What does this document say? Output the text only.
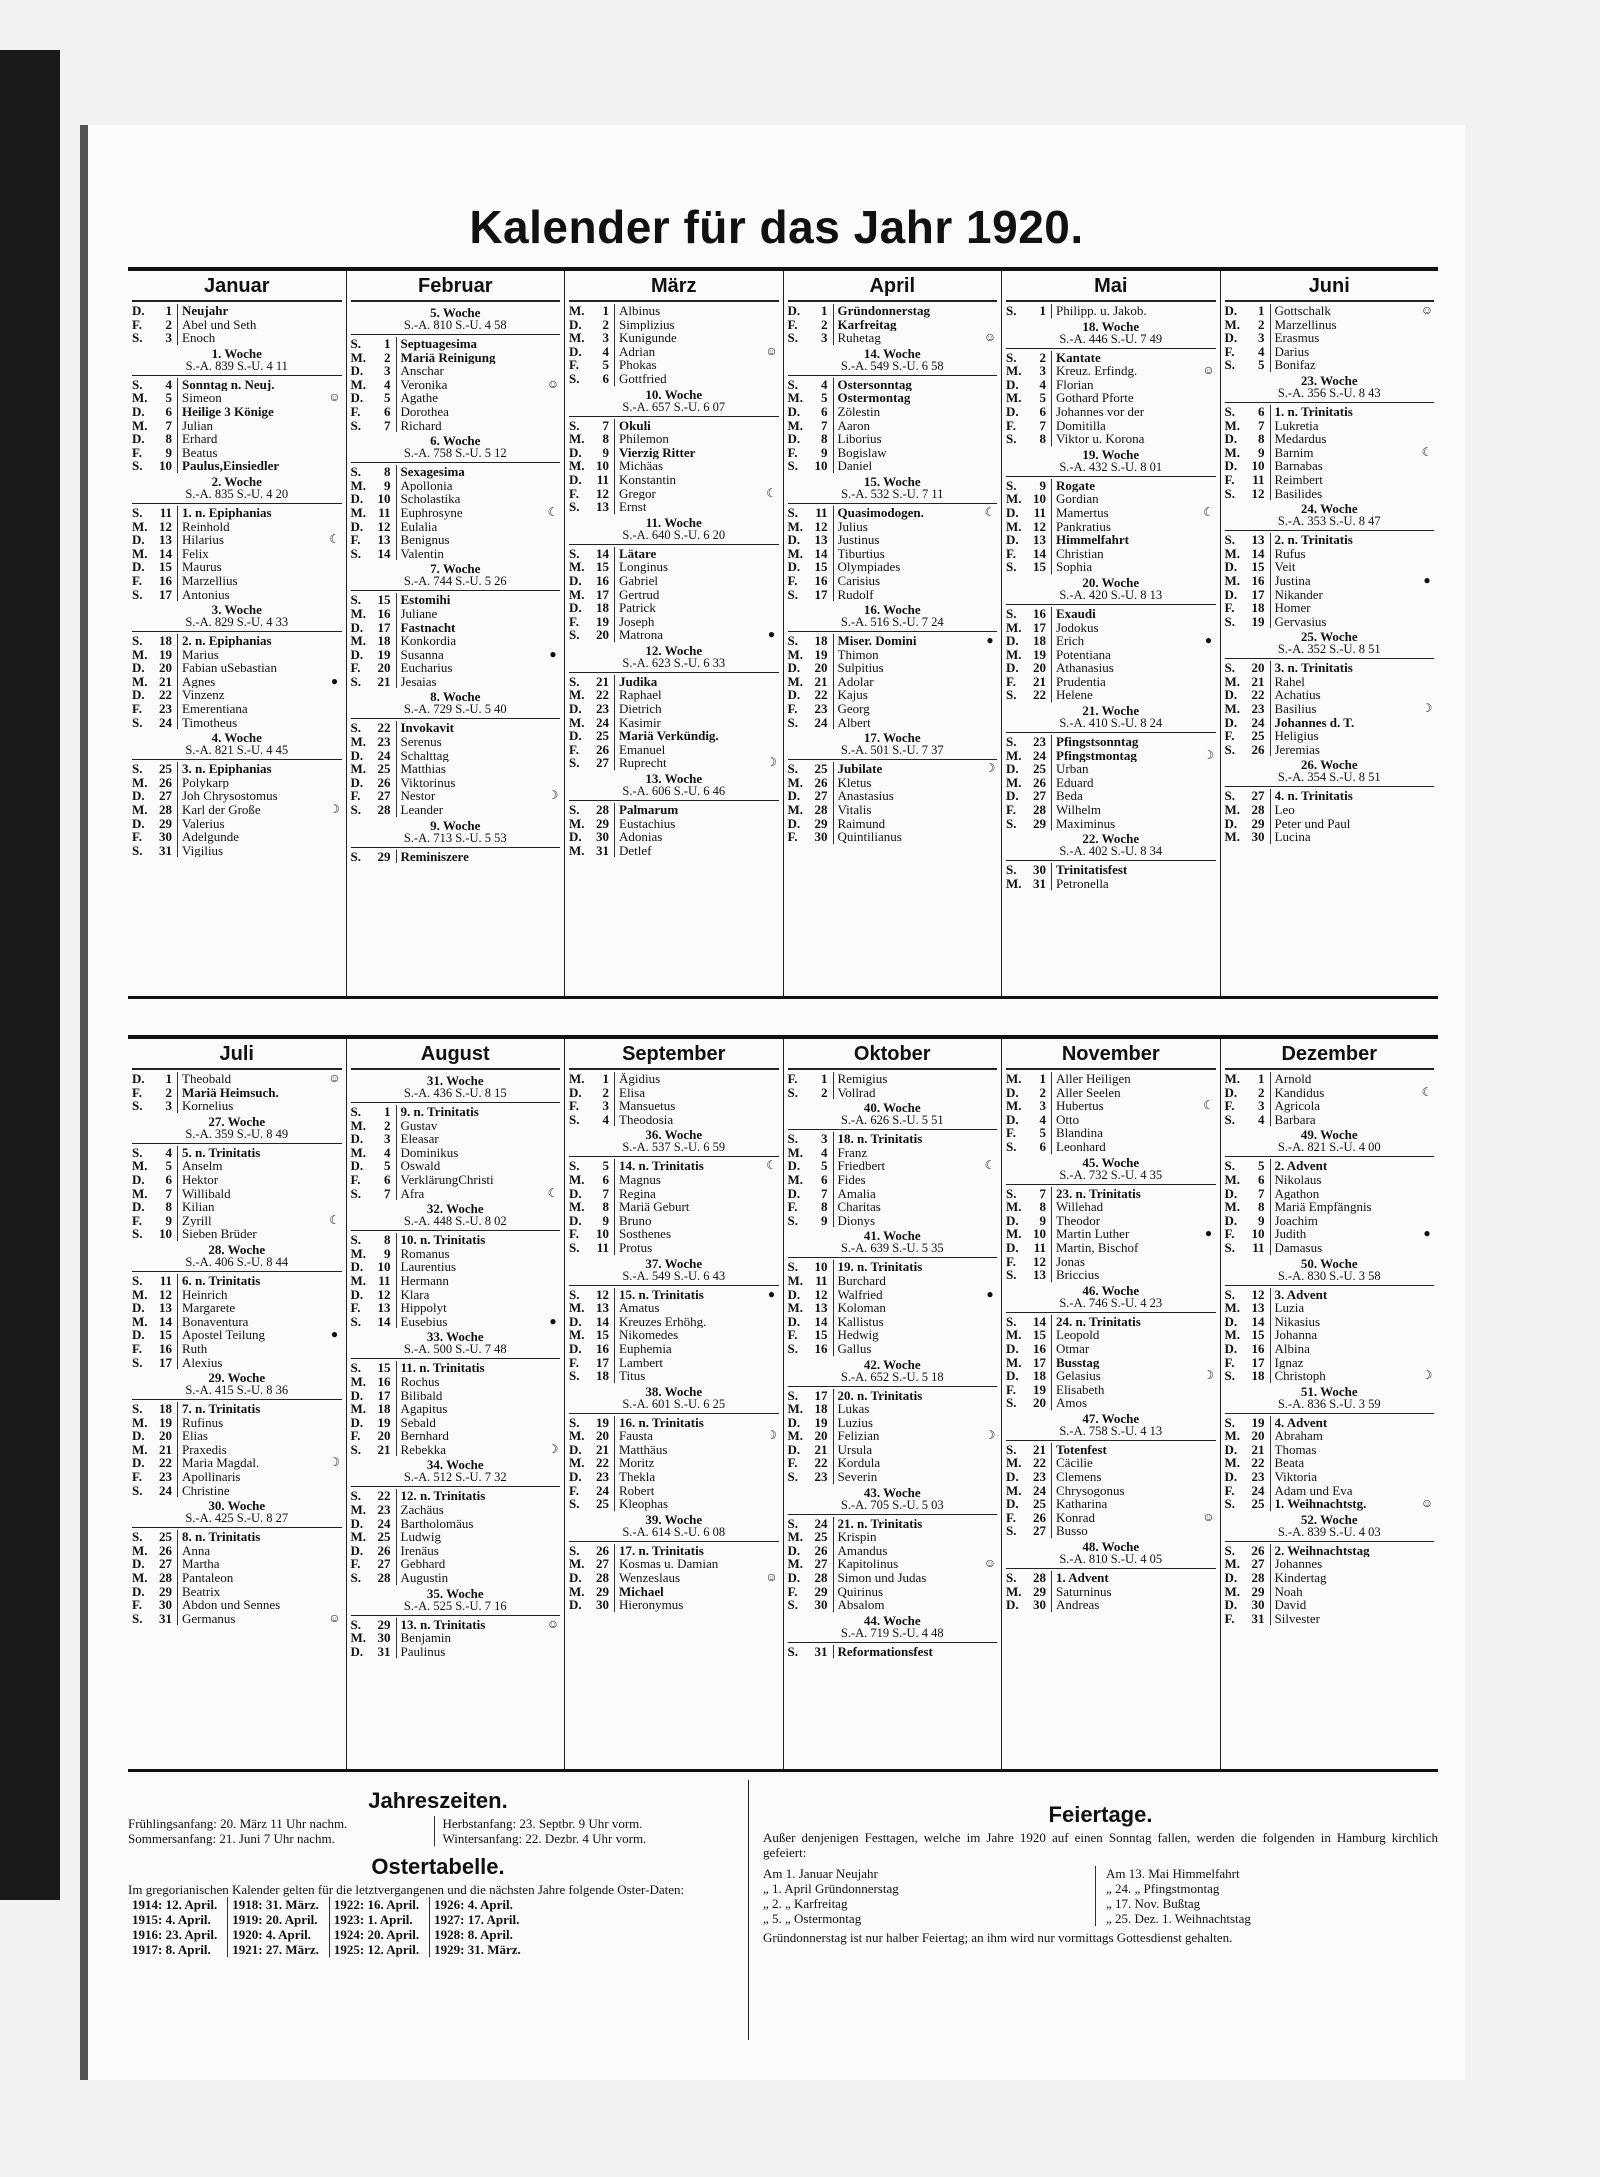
Kalender für das Jahr 1920.
Januar
D.	1 Neujahr
F.	2 Abel und Seth
S.	3 Enoch
1. Woche
S.-A. 839 S.-U. 4 11
S.	4 Sonntag n. Neuj.
M.	5 Simeon	☺
D.	6 Heilige 3 Könige
M.	7 Julian
D.	8 Erhard
F.	9 Beatus
S.	10 Paulus,Einsiedler
2. Woche
S.-A. 835 S.-U. 4 20
S.	11 1. n. Epiphanias
M. 12 Reinhold
D.	13 Hilarius	☾
M. 14 Felix
D.	15 Maurus
F.	16 Marzellius
S.	17 Antonius
3. Woche
S.-A. 829 S.-U. 4 33
S.	18 2. n. Epiphanias
M. 19 Marius
D.	20 Fabian uSebastian
M. 21 Agnes	●
D.	22 Vinzenz
F.	23 Emerentiana
S.	24 Timotheus
4. Woche
S.-A. 821 S.-U. 4 45
S.	25 3. n. Epiphanias
M. 26 Polykarp
D.	27 Joh Chrysostomus
M. 28 Karl der Große	☽
D.	29 Valerius
F.	30 Adelgunde
S.	31 Vigilius
Februar
5. Woche
S.-A. 810 S.-U. 4 58
S.	1 Septuagesima
M.	2 Mariä Reinigung
D.	3 Anschar
M.	4 Veronika	☺
D.	5 Agathe
F.	6 Dorothea
S.	7 Richard
6. Woche
S.-A. 758 S.-U. 5 12
S.	8 Sexagesima
M.	9 Apollonia
D.	10 Scholastika
M. 11 Euphrosyne	☾
D.	12 Eulalia
F.	13 Benignus
S.	14 Valentin
7. Woche
S.-A. 744 S.-U. 5 26
S.	15 Estomihi
M. 16 Juliane
D.	17 Fastnacht
M. 18 Konkordia
D.	19 Susanna	●
F.	20 Eucharius
S.	21 Jesaias
8. Woche
S.-A. 729 S.-U. 5 40
S.	22 Invokavit
M. 23 Serenus
D.	24 Schalttag
M. 25 Matthias
D.	26 Viktorinus
F.	27 Nestor	☽
S.	28 Leander
9. Woche
S.-A. 713 S.-U. 5 53
S.	29 Reminiszere
März
M.	1 Albinus
D.	2 Simplizius
M.	3 Kunigunde
D.	4 Adrian	☺
F.	5 Phokas
S.	6 Gottfried
10. Woche
S.-A. 657 S.-U. 6 07
S.	7 Okuli
M.	8 Philemon
D.	9 Vierzig Ritter
M. 10 Michäas
D.	11 Konstantin
F.	12 Gregor	☾
S.	13 Ernst
11. Woche
S.-A. 640 S.-U. 6 20
S.	14 Lätare
M. 15 Longinus
D.	16 Gabriel
M. 17 Gertrud
D.	18 Patrick
F.	19 Joseph
S.	20 Matrona	●
12. Woche
S.-A. 623 S.-U. 6 33
S.	21 Judika
M. 22 Raphael
D.	23 Dietrich
M. 24 Kasimir
D.	25 Mariä Verkündig.
F.	26 Emanuel
S.	27 Ruprecht	☽
13. Woche
S.-A. 606 S.-U. 6 46
S.	28 Palmarum
M. 29 Eustachius
D.	30 Adonias
M. 31 Detlef
April
D.	1 Gründonnerstag
F.	2 Karfreitag
S.	3 Ruhetag	☺
14. Woche
S.-A. 549 S.-U. 6 58
S.	4 Ostersonntag
M.	5 Ostermontag
D.	6 Zölestin
M.	7 Aaron
D.	8 Liborius
F.	9 Bogislaw
S.	10 Daniel
15. Woche
S.-A. 532 S.-U. 7 11
S.	11 Quasimodogen.	☾
M. 12 Julius
D.	13 Justinus
M. 14 Tiburtius
D.	15 Olympiades
F.	16 Carisius
S.	17 Rudolf
16. Woche
S.-A. 516 S.-U. 7 24
S.	18 Miser. Domini	●
M. 19 Thimon
D.	20 Sulpitius
M. 21 Adolar
D.	22 Kajus
F.	23 Georg
S.	24 Albert
17. Woche
S.-A. 501 S.-U. 7 37
S.	25 Jubilate	☽
M. 26 Kletus
D.	27 Anastasius
M. 28 Vitalis
D.	29 Raimund
F.	30 Quintilianus
Mai
S.	1 Philipp. u. Jakob.
18. Woche
S.-A. 446 S.-U. 7 49
S.	2 Kantate
M.	3 Kreuz. Erfindg.	☺
D.	4 Florian
M.	5 Gothard Pforte
D.	6 Johannes vor der
F.	7 Domitilla
S.	8 Viktor u. Korona
19. Woche
S.-A. 432 S.-U. 8 01
S.	9 Rogate
M. 10 Gordian
D.	11 Mamertus	☾
M. 12 Pankratius
D.	13 Himmelfahrt
F.	14 Christian
S.	15 Sophia
20. Woche
S.-A. 420 S.-U. 8 13
S.	16 Exaudi
M. 17 Jodokus
D.	18 Erich	●
M. 19 Potentiana
D.	20 Athanasius
F.	21 Prudentia
S.	22 Helene
21. Woche
S.-A. 410 S.-U. 8 24
S.	23 Pfingstsonntag
M. 24 Pfingstmontag	☽
D.	25 Urban
M. 26 Eduard
D.	27 Beda
F.	28 Wilhelm
S.	29 Maximinus
22. Woche
S.-A. 402 S.-U. 8 34
S.	30 Trinitatisfest
M. 31 Petronella
Juni
D.	1 Gottschalk	☺
M.	2 Marzellinus
D.	3 Erasmus
F.	4 Darius
S.	5 Bonifaz
23. Woche
S.-A. 356 S.-U. 8 43
S.	6 1. n. Trinitatis
M.	7 Lukretia
D.	8 Medardus
M.	9 Barnim	☾
D.	10 Barnabas
F.	11 Reimbert
S.	12 Basilides
24. Woche
S.-A. 353 S.-U. 8 47
S.	13 2. n. Trinitatis
M. 14 Rufus
D.	15 Veit
M. 16 Justina	●
D.	17 Nikander
F.	18 Homer
S.	19 Gervasius
25. Woche
S.-A. 352 S.-U. 8 51
S.	20 3. n. Trinitatis
M. 21 Rahel
D.	22 Achatius
M. 23 Basilius	☽
D.	24 Johannes d. T.
F.	25 Heligius
S.	26 Jeremias
26. Woche
S.-A. 354 S.-U. 8 51
S.	27 4. n. Trinitatis
M. 28 Leo
D.	29 Peter und Paul
M. 30 Lucina
Juli
D.	1 Theobald	☺
F.	2 Mariä Heimsuch.
S.	3 Kornelius
27. Woche
S.-A. 359 S.-U. 8 49
S.	4 5. n. Trinitatis
M.	5 Anselm
D.	6 Hektor
M.	7 Willibald
D.	8 Kilian
F.	9 Zyrill	☾
S.	10 Sieben Brüder
28. Woche
S.-A. 406 S.-U. 8 44
S.	11 6. n. Trinitatis
M. 12 Heinrich
D.	13 Margarete
M. 14 Bonaventura
D.	15 Apostel Teilung	●
F.	16 Ruth
S.	17 Alexius
29. Woche
S.-A. 415 S.-U. 8 36
S.	18 7. n. Trinitatis
M. 19 Rufinus
D.	20 Elias
M. 21 Praxedis
D.	22 Maria Magdal.	☽
F.	23 Apollinaris
S.	24 Christine
30. Woche
S.-A. 425 S.-U. 8 27
S.	25 8. n. Trinitatis
M. 26 Anna
D.	27 Martha
M. 28 Pantaleon
D.	29 Beatrix
F.	30 Abdon und Sennes
S.	31 Germanus	☺
August
31. Woche
S.-A. 436 S.-U. 8 15
S.	1 9. n. Trinitatis
M.	2 Gustav
D.	3 Eleasar
M.	4 Dominikus
D.	5 Oswald
F.	6 VerklärungChristi
S.	7 Afra	☾
32. Woche
S.-A. 448 S.-U. 8 02
S.	8 10. n. Trinitatis
M.	9 Romanus
D.	10 Laurentius
M. 11 Hermann
D.	12 Klara
F.	13 Hippolyt
S.	14 Eusebius	●
33. Woche
S.-A. 500 S.-U. 7 48
S.	15 11. n. Trinitatis
M. 16 Rochus
D.	17 Bilibald
M. 18 Agapitus
D.	19 Sebald
F.	20 Bernhard
S.	21 Rebekka	☽
34. Woche
S.-A. 512 S.-U. 7 32
S.	22 12. n. Trinitatis
M. 23 Zachäus
D.	24 Bartholomäus
M. 25 Ludwig
D.	26 Irenäus
F.	27 Gebhard
S.	28 Augustin
35. Woche
S.-A. 525 S.-U. 7 16
S.	29 13. n. Trinitatis	☺
M. 30 Benjamin
D.	31 Paulinus
September
M.	1 Ägidius
D.	2 Elisa
F.	3 Mansuetus
S.	4 Theodosia
36. Woche
S.-A. 537 S.-U. 6 59
S.	5 14. n. Trinitatis	☾
M.	6 Magnus
D.	7 Regina
M.	8 Mariä Geburt
D.	9 Bruno
F.	10 Sosthenes
S.	11 Protus
37. Woche
S.-A. 549 S.-U. 6 43
S.	12 15. n. Trinitatis	●
M. 13 Amatus
D.	14 Kreuzes Erhöhg.
M. 15 Nikomedes
D.	16 Euphemia
F.	17 Lambert
S.	18 Titus
38. Woche
S.-A. 601 S.-U. 6 25
S.	19 16. n. Trinitatis
M. 20 Fausta	☽
D.	21 Matthäus
M. 22 Moritz
D.	23 Thekla
F.	24 Robert
S.	25 Kleophas
39. Woche
S.-A. 614 S.-U. 6 08
S.	26 17. n. Trinitatis
M. 27 Kosmas u. Damian
D.	28 Wenzeslaus	☺
M. 29 Michael
D.	30 Hieronymus
Oktober
F.	1 Remigius
S.	2 Vollrad
40. Woche
S.-A. 626 S.-U. 5 51
S.	3 18. n. Trinitatis
M.	4 Franz
D.	5 Friedbert	☾
M.	6 Fides
D.	7 Amalia
F.	8 Charitas
S.	9 Dionys
41. Woche
S.-A. 639 S.-U. 5 35
S.	10 19. n. Trinitatis
M. 11 Burchard
D.	12 Walfried	●
M. 13 Koloman
D.	14 Kallistus
F.	15 Hedwig
S.	16 Gallus
42. Woche
S.-A. 652 S.-U. 5 18
S.	17 20. n. Trinitatis
M. 18 Lukas
D.	19 Luzius
M. 20 Felizian	☽
D.	21 Ursula
F.	22 Kordula
S.	23 Severin
43. Woche
S.-A. 705 S.-U. 5 03
S.	24 21. n. Trinitatis
M. 25 Krispin
D.	26 Amandus
M. 27 Kapitolinus	☺
D.	28 Simon und Judas
F.	29 Quirinus
S.	30 Absalom
44. Woche
S.-A. 719 S.-U. 4 48
S.	31 Reformationsfest
November
M.	1 Aller Heiligen
D.	2 Aller Seelen
M.	3 Hubertus	☾
D.	4 Otto
F.	5 Blandina
S.	6 Leonhard
45. Woche
S.-A. 732 S.-U. 4 35
S.	7 23. n. Trinitatis
M.	8 Willehad
D.	9 Theodor
M. 10 Martin Luther	●
D.	11 Martin, Bischof
F.	12 Jonas
S.	13 Briccius
46. Woche
S.-A. 746 S.-U. 4 23
S.	14 24. n. Trinitatis
M. 15 Leopold
D.	16 Otmar
M. 17 Busstag
D.	18 Gelasius	☽
F.	19 Elisabeth
S.	20 Amos
47. Woche
S.-A. 758 S.-U. 4 13
S.	21 Totenfest
M. 22 Cäcilie
D.	23 Clemens
M. 24 Chrysogonus
D.	25 Katharina
F.	26 Konrad	☺
S.	27 Busso
48. Woche
S.-A. 810 S.-U. 4 05
S.	28 1. Advent
M. 29 Saturninus
D.	30 Andreas
Dezember
M.	1 Arnold
D.	2 Kandidus	☾
F.	3 Agricola
S.	4 Barbara
49. Woche
S.-A. 821 S.-U. 4 00
S.	5 2. Advent
M.	6 Nikolaus
D.	7 Agathon
M.	8 Mariä Empfängnis
D.	9 Joachim
F.	10 Judith	●
S.	11 Damasus
50. Woche
S.-A. 830 S.-U. 3 58
S.	12 3. Advent
M. 13 Luzia
D.	14 Nikasius
M. 15 Johanna
D.	16 Albina
F.	17 Ignaz
S.	18 Christoph	☽
51. Woche
S.-A. 836 S.-U. 3 59
S.	19 4. Advent
M. 20 Abraham
D.	21 Thomas
M. 22 Beata
D.	23 Viktoria
F.	24 Adam und Eva
S.	25 1. Weihnachtstg.	☺
52. Woche
S.-A. 839 S.-U. 4 03
S.	26 2. Weihnachtstag
M. 27 Johannes
D.	28 Kindertag
M. 29 Noah
D.	30 David
F.	31 Silvester
Jahreszeiten.
Frühlingsanfang: 20. März 11 Uhr nachm.
Sommersanfang: 21. Juni 7 Uhr nachm.
Herbstanfang: 23. Septbr. 9 Uhr vorm.
Wintersanfang: 22. Dezbr. 4 Uhr vorm.
Ostertabelle.
Im gregorianischen Kalender gelten für die letztvergangenen und die nächsten Jahre folgende Oster-Daten:
1914: 12. April.	1918: 31. März.	1922: 16. April.	1926: 4. April.
1915: 4. April.	1919: 20. April.	1923: 1. April.	1927: 17. April.
1916: 23. April.	1920: 4. April.	1924: 20. April.	1928: 8. April.
1917: 8. April.	1921: 27. März.	1925: 12. April.	1929: 31. März.
Feiertage.
Außer denjenigen Festtagen, welche im Jahre 1920 auf einen Sonntag fallen, werden die folgenden in Hamburg kirchlich gefeiert:
Am 1. Januar Neujahr
„ 1. April Gründonnerstag
„ 2. „ Karfreitag
„ 5. „ Ostermontag
Am 13. Mai Himmelfahrt
„ 24. „ Pfingstmontag
„ 17. Nov. Bußtag
„ 25. Dez. 1. Weihnachtstag
Gründonnerstag ist nur halber Feiertag; an ihm wird nur vormittags Gottesdienst gehalten.
